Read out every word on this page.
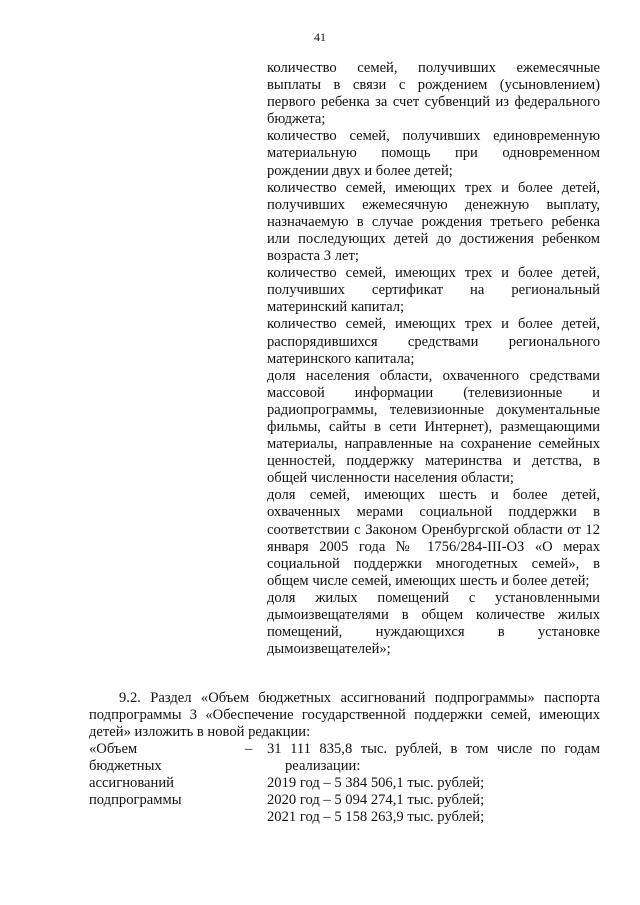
41

количество семей, получивших ежемесячные выплаты в связи с рождением (усыновлением) первого ребенка за счет субвенций из федерального бюджета;

количество семей, получивших единовременную материальную помощь при одновременном рождении двух и более детей;

количество семей, имеющих трех и более детей, получивших ежемесячную денежную выплату, назначаемую в случае рождения третьего ребенка или последующих детей до достижения ребенком возраста 3 лет;

количество семей, имеющих трех и более детей, получивших сертификат на региональный материнский капитал;

количество семей, имеющих трех и более детей, распорядившихся средствами регионального материнского капитала;

доля населения области, охваченного средствами массовой информации (телевизионные и радиопрограммы, телевизионные документальные фильмы, сайты в сети Интернет), размещающими материалы, направленные на сохранение семейных ценностей, поддержку материнства и детства, в общей численности населения области;

доля семей, имеющих шесть и более детей, охваченных мерами социальной поддержки в соответствии с Законом Оренбургской области от 12 января 2005 года № 1756/284-III-ОЗ «О мерах социальной поддержки многодетных семей», в общем числе семей, имеющих шесть и более детей;

доля жилых помещений с установленными дымоизвещателями в общем количестве жилых помещений, нуждающихся в установке дымоизвещателей»;

9.2. Раздел «Объем бюджетных ассигнований подпрограммы» паспорта подпрограммы 3 «Обеспечение государственной поддержки семей, имеющих детей» изложить в новой редакции:

«Объем
бюджетных
ассигнований
подпрограммы
– 31 111 835,8 тыс. рублей, в том числе по годам реализации:

2019 год – 5 384 506,1 тыс. рублей;

2020 год – 5 094 274,1 тыс. рублей;

2021 год – 5 158 263,9 тыс. рублей;
